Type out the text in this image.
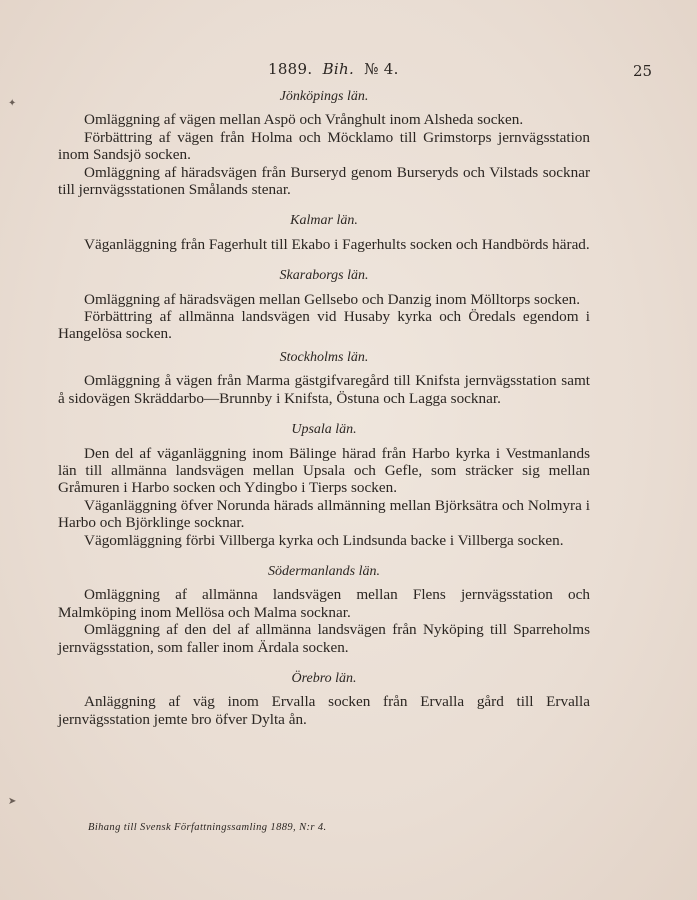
1889. Bih. № 4.	25
✦
➤
Jönköpings län.

Omläggning af vägen mellan Aspö och Vrånghult inom Alsheda socken.

Förbättring af vägen från Holma och Möcklamo till Grimstorps jernvägsstation inom Sandsjö socken.

Omläggning af häradsvägen från Burseryd genom Burseryds och Vilstads socknar till jernvägsstationen Smålands stenar.

Kalmar län.

Väganläggning från Fagerhult till Ekabo i Fagerhults socken och Handbörds härad.

Skaraborgs län.

Omläggning af häradsvägen mellan Gellsebo och Danzig inom Mölltorps socken.

Förbättring af allmänna landsvägen vid Husaby kyrka och Öredals egendom i Hangelösa socken.

Stockholms län.

Omläggning å vägen från Marma gästgifvaregård till Knifsta jernvägsstation samt å sidovägen Skräddarbo—Brunnby i Knifsta, Östuna och Lagga socknar.

Upsala län.

Den del af väganläggning inom Bälinge härad från Harbo kyrka i Vestmanlands län till allmänna landsvägen mellan Upsala och Gefle, som sträcker sig mellan Gråmuren i Harbo socken och Ydingbo i Tierps socken.

Väganläggning öfver Norunda härads allmänning mellan Björksätra och Nolmyra i Harbo och Björklinge socknar.

Vägomläggning förbi Villberga kyrka och Lindsunda backe i Villberga socken.

Södermanlands län.

Omläggning af allmänna landsvägen mellan Flens jernvägsstation och Malmköping inom Mellösa och Malma socknar.

Omläggning af den del af allmänna landsvägen från Nyköping till Sparreholms jernvägsstation, som faller inom Ärdala socken.

Örebro län.

Anläggning af väg inom Ervalla socken från Ervalla gård till Ervalla jernvägsstation jemte bro öfver Dylta ån.

Bihang till Svensk Författningssamling 1889, N:r 4.
